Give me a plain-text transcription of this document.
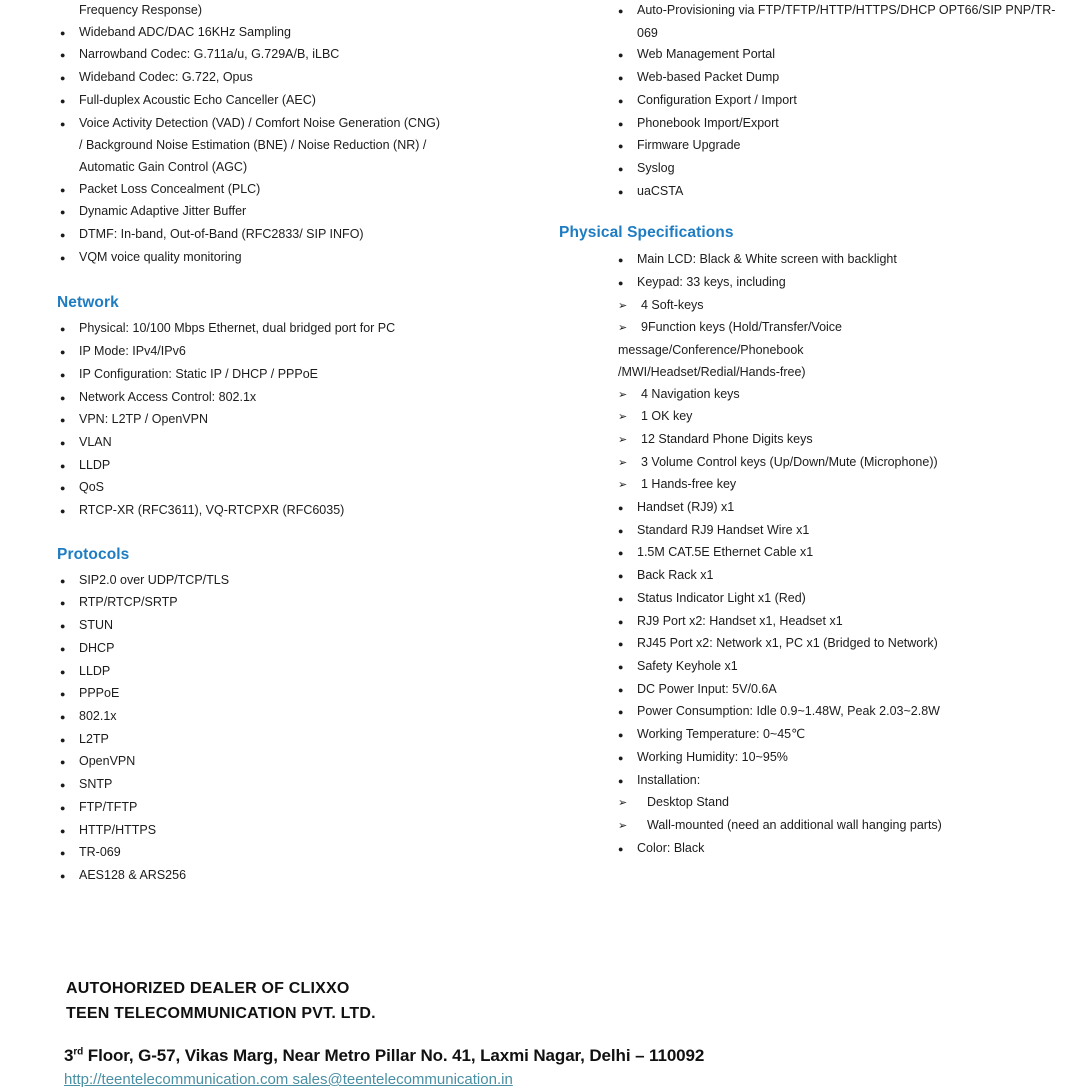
Frequency Response)
●	Wideband ADC/DAC 16KHz Sampling
●	Narrowband Codec: G.711a/u, G.729A/B, iLBC
●	Wideband Codec: G.722, Opus
●	Full-duplex Acoustic Echo Canceller (AEC)
●	Voice Activity Detection (VAD) / Comfort Noise Generation (CNG)
/ Background Noise Estimation (BNE) / Noise Reduction (NR) /
Automatic Gain Control (AGC)
●	Packet Loss Concealment (PLC)
●	Dynamic Adaptive Jitter Buffer
●	DTMF: In-band, Out-of-Band (RFC2833/ SIP INFO)
●	VQM voice quality monitoring
Network
●	Physical: 10/100 Mbps Ethernet, dual bridged port for PC
●	IP Mode: IPv4/IPv6
●	IP Configuration: Static IP / DHCP / PPPoE
●	Network Access Control: 802.1x
●	VPN: L2TP / OpenVPN
●	VLAN
●	LLDP
●	QoS
●	RTCP-XR (RFC3611), VQ-RTCPXR (RFC6035)
Protocols
●	SIP2.0 over UDP/TCP/TLS
●	RTP/RTCP/SRTP
●	STUN
●	DHCP
●	LLDP
●	PPPoE
●	802.1x
●	L2TP
●	OpenVPN
●	SNTP
●	FTP/TFTP
●	HTTP/HTTPS
●	TR-069
●	AES128 & ARS256
●	Auto-Provisioning via FTP/TFTP/HTTP/HTTPS/DHCP OPT66/SIP PNP/TR-
069
●	Web Management Portal
●	Web-based Packet Dump
●	Configuration Export / Import
●	Phonebook Import/Export
●	Firmware Upgrade
●	Syslog
●	uaCSTA
Physical Specifications
●	Main LCD: Black & White screen with backlight
●	Keypad: 33 keys, including
➢	4 Soft-keys
➢	9Function keys (Hold/Transfer/Voice
message/Conference/Phonebook
/MWI/Headset/Redial/Hands-free)
➢	4 Navigation keys
➢	1 OK key
➢	12 Standard Phone Digits keys
➢	3 Volume Control keys (Up/Down/Mute (Microphone))
➢	1 Hands-free key
●	Handset (RJ9) x1
●	Standard RJ9 Handset Wire x1
●	1.5M CAT.5E Ethernet Cable x1
●	Back Rack x1
●	Status Indicator Light x1 (Red)
●	RJ9 Port x2: Handset x1, Headset x1
●	RJ45 Port x2: Network x1, PC x1 (Bridged to Network)
●	Safety Keyhole x1
●	DC Power Input: 5V/0.6A
●	Power Consumption: Idle 0.9~1.48W, Peak 2.03~2.8W
●	Working Temperature: 0~45℃
●	Working Humidity: 10~95%
●	Installation:
➢	Desktop Stand
➢	Wall-mounted (need an additional wall hanging parts)
●	Color: Black
AUTOHORIZED DEALER OF CLIXXO
TEEN TELECOMMUNICATION PVT. LTD.
3rd Floor, G-57, Vikas Marg, Near Metro Pillar No. 41, Laxmi Nagar, Delhi – 110092
http://teentelecommunication.com sales@teentelecommunication.in
